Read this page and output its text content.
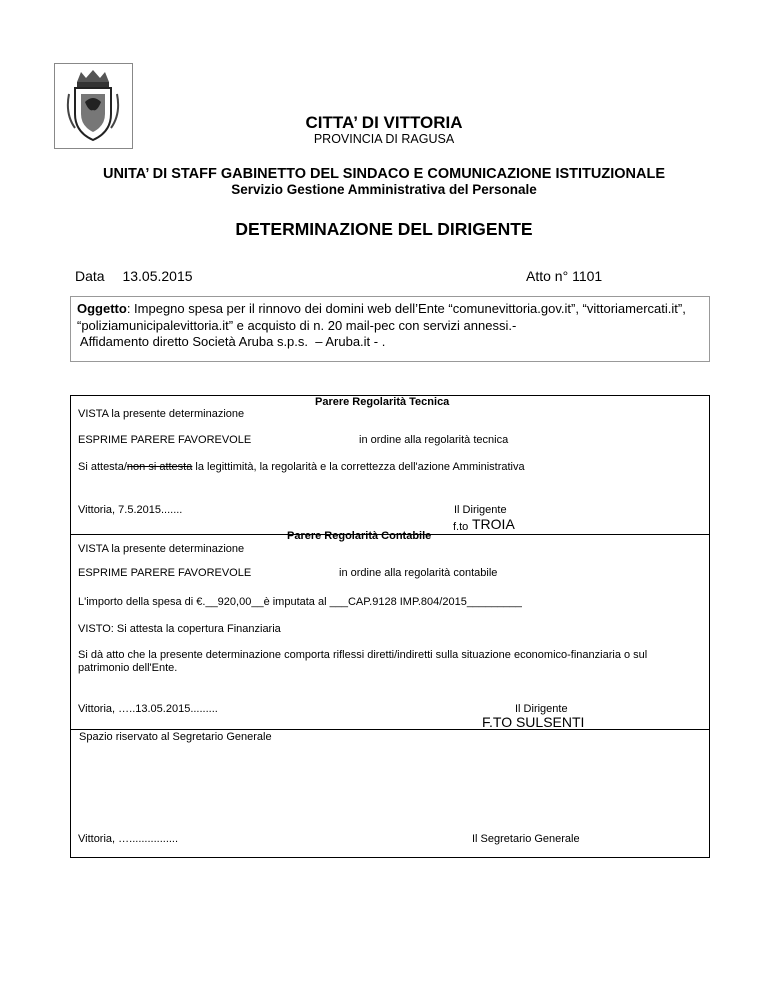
CITTA’ DI VITTORIA
PROVINCIA DI RAGUSA
UNITA’ DI STAFF GABINETTO DEL SINDACO E COMUNICAZIONE ISTITUZIONALE
Servizio Gestione Amministrativa del Personale
DETERMINAZIONE DEL DIRIGENTE
Data 13.05.2015	Atto n° 1101
Oggetto: Impegno spesa per il rinnovo dei domini web dell’Ente “comunevittoria.gov.it”, “vittoriamercati.it”,
“poliziamunicipalevittoria.it” e acquisto di n. 20 mail-pec con servizi annessi.-
Affidamento diretto Società Aruba s.p.s.  – Aruba.it - .
Parere Regolarità Tecnica
VISTA la presente determinazione
ESPRIME PARERE FAVOREVOLE	in ordine alla regolarità tecnica
Si attesta/non si attesta la legittimità, la regolarità e la correttezza dell'azione Amministrativa
Vittoria, 7.5.2015.......	Il Dirigente
f.to TROIA
Parere Regolarità Contabile
VISTA la presente determinazione
ESPRIME PARERE FAVOREVOLE	in ordine alla regolarità contabile
L'importo della spesa di €.__920,00__è imputata al ___CAP.9128 IMP.804/2015_________
VISTO: Si attesta la copertura Finanziaria
Si dà atto che la presente determinazione comporta riflessi diretti/indiretti sulla situazione economico-finanziaria o sul
patrimonio dell'Ente.
Vittoria, …..13.05.2015.........	Il Dirigente
F.TO SULSENTI
Spazio riservato al Segretario Generale
Vittoria, …................	Il Segretario Generale
